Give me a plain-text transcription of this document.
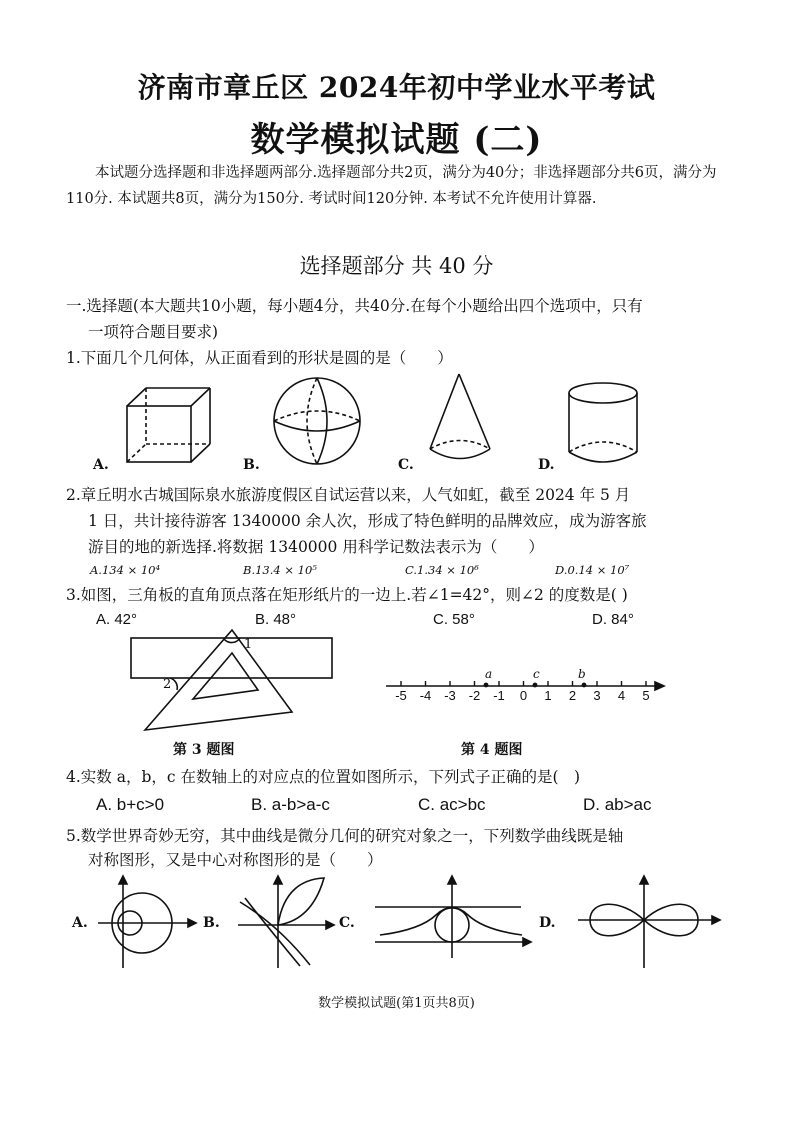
济南市章丘区 2024年初中学业水平考试
数学模拟试题 (二)
本试题分选择题和非选择题两部分.选择题部分共2页，满分为40分；非选择题部分共6页，满分为110分. 本试题共8页，满分为150分. 考试时间120分钟. 本考试不允许使用计算器.
选择题部分 共 40 分
一.选择题(本大题共10小题，每小题4分，共40分.在每个小题给出四个选项中，只有
一项符合题目要求)
1.下面几个几何体，从正面看到的形状是圆的是（　　）
A.	B.	C.	D.
2.章丘明水古城国际泉水旅游度假区自试运营以来，人气如虹，截至 2024 年 5 月
1 日，共计接待游客 1340000 余人次，形成了特色鲜明的品牌效应，成为游客旅
游目的地的新选择.将数据 1340000 用科学记数法表示为（　　）
A.134 × 10⁴	B.13.4 × 10⁵	C.1.34 × 10⁶	D.0.14 × 10⁷
3.如图，三角板的直角顶点落在矩形纸片的一边上.若∠1=42°，则∠2 的度数是( )
A. 42°	B. 48°	C. 58°	D. 84°
1
2
第 3 题图
-5 -4 -3 -2 -1	0	1	2	3	4	5
a	c	b
第 4 题图
4.实数 a，b，c 在数轴上的对应点的位置如图所示，下列式子正确的是(　)
A. b+c>0	B. a-b>a-c	C. ac>bc	D. ab>ac
5.数学世界奇妙无穷，其中曲线是微分几何的研究对象之一，下列数学曲线既是轴
对称图形，又是中心对称图形的是（　　）
A.	B.	C.	D.
数学模拟试题(第1页共8页)
